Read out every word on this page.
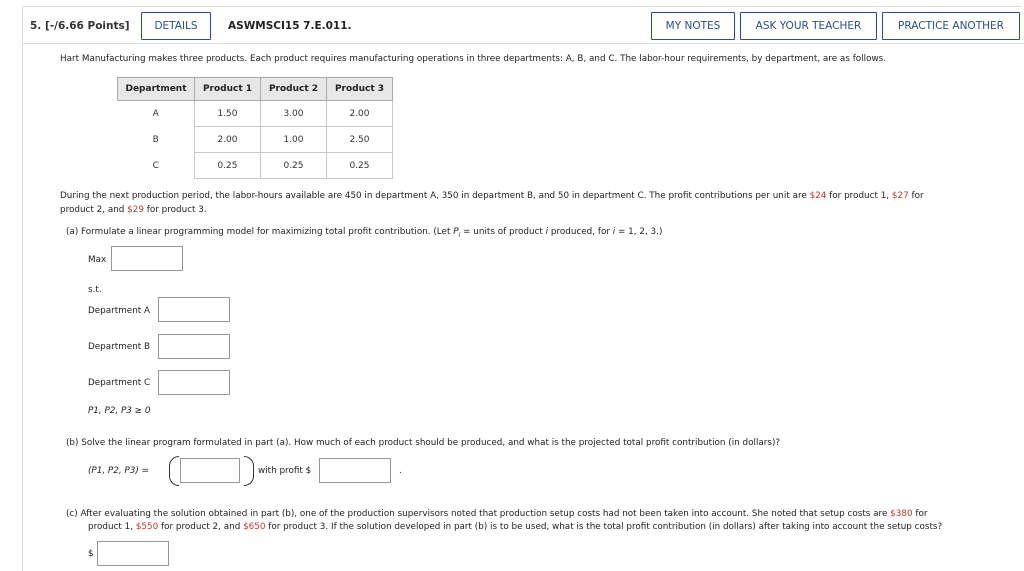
5. [-/6.66 Points]	DETAILS	ASWMSCI15 7.E.011.	MY NOTES	ASK YOUR TEACHER	PRACTICE ANOTHER
Hart Manufacturing makes three products. Each product requires manufacturing operations in three departments: A, B, and C. The labor-hour requirements, by department, are as follows.
Department	Product 1	Product 2	Product 3
A	1.50	3.00	2.00
B	2.00	1.00	2.50
C	0.25	0.25	0.25
During the next production period, the labor-hours available are 450 in department A, 350 in department B, and 50 in department C. The profit contributions per unit are $24 for product 1, $27 for
product 2, and $29 for product 3.
(a) Formulate a linear programming model for maximizing total profit contribution. (Let $P_i$ = units of product i produced, for i = 1, 2, 3.)
Max
s.t.
Department A
Department B
Department C
P1, P2, P3 ≥ 0
(b) Solve the linear program formulated in part (a). How much of each product should be produced, and what is the projected total profit contribution (in dollars)?
(P1, P2, P3) =	with profit $	.
(c) After evaluating the solution obtained in part (b), one of the production supervisors noted that production setup costs had not been taken into account. She noted that setup costs are $380 for
product 1, $550 for product 2, and $650 for product 3. If the solution developed in part (b) is to be used, what is the total profit contribution (in dollars) after taking into account the setup costs?
$
